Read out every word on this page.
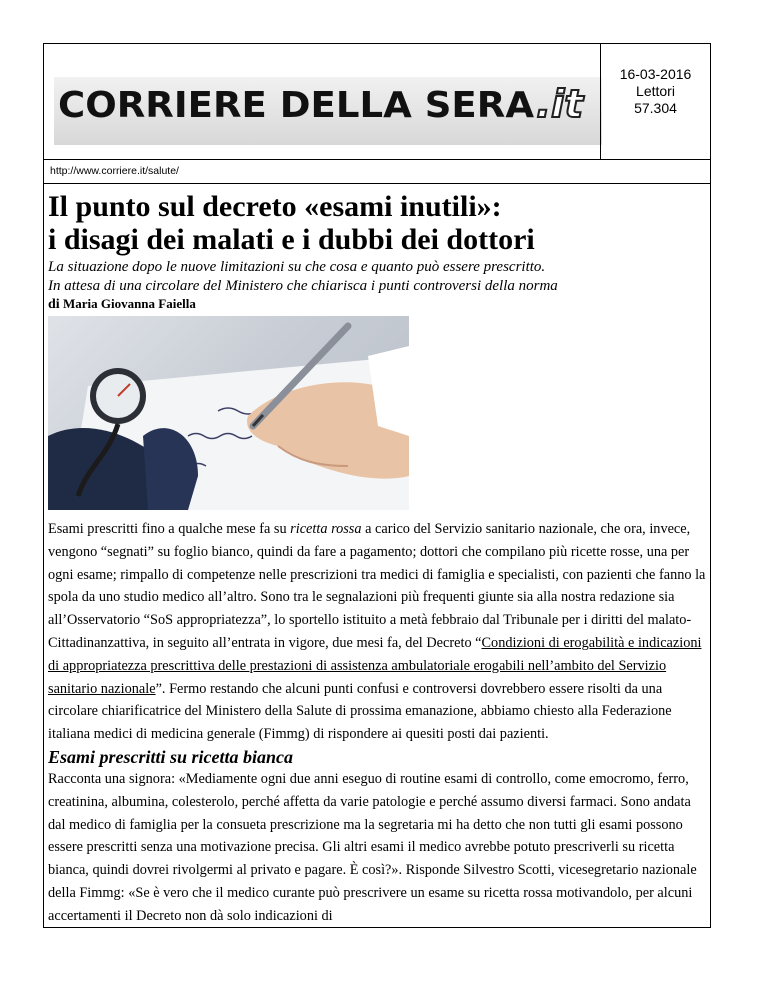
CORRIERE DELLA SERA.it
16-03-2016
Lettori
57.304
http://www.corriere.it/salute/
Il punto sul decreto «esami inutili»:
i disagi dei malati e i dubbi dei dottori
La situazione dopo le nuove limitazioni su che cosa e quanto può essere prescritto.
In attesa di una circolare del Ministero che chiarisca i punti controversi della norma
di Maria Giovanna Faiella

Esami prescritti fino a qualche mese fa su ricetta rossa a carico del Servizio sanitario nazionale, che ora, invece, vengono “segnati” su foglio bianco, quindi da fare a pagamento; dottori che compilano più ricette rosse, una per ogni esame; rimpallo di competenze nelle prescrizioni tra medici di famiglia e specialisti, con pazienti che fanno la spola da uno studio medico all’altro. Sono tra le segnalazioni più frequenti giunte sia alla nostra redazione sia all’Osservatorio “SoS appropriatezza”, lo sportello istituito a metà febbraio dal Tribunale per i diritti del malato-Cittadinanzattiva, in seguito all’entrata in vigore, due mesi fa, del Decreto “Condizioni di erogabilità e indicazioni di appropriatezza prescrittiva delle prestazioni di assistenza ambulatoriale erogabili nell’ambito del Servizio sanitario nazionale”. Fermo restando che alcuni punti confusi e controversi dovrebbero essere risolti da una circolare chiarificatrice del Ministero della Salute di prossima emanazione, abbiamo chiesto alla Federazione italiana medici di medicina generale (Fimmg) di rispondere ai quesiti posti dai pazienti.

Esami prescritti su ricetta bianca

Racconta una signora: «Mediamente ogni due anni eseguo di routine esami di controllo, come emocromo, ferro, creatinina, albumina, colesterolo, perché affetta da varie patologie e perché assumo diversi farmaci. Sono andata dal medico di famiglia per la consueta prescrizione ma la segretaria mi ha detto che non tutti gli esami possono essere prescritti senza una motivazione precisa. Gli altri esami il medico avrebbe potuto prescriverli su ricetta bianca, quindi dovrei rivolgermi al privato e pagare. È così?». Risponde Silvestro Scotti, vicesegretario nazionale della Fimmg: «Se è vero che il medico curante può prescrivere un esame su ricetta rossa motivandolo, per alcuni accertamenti il Decreto non dà solo indicazioni di
